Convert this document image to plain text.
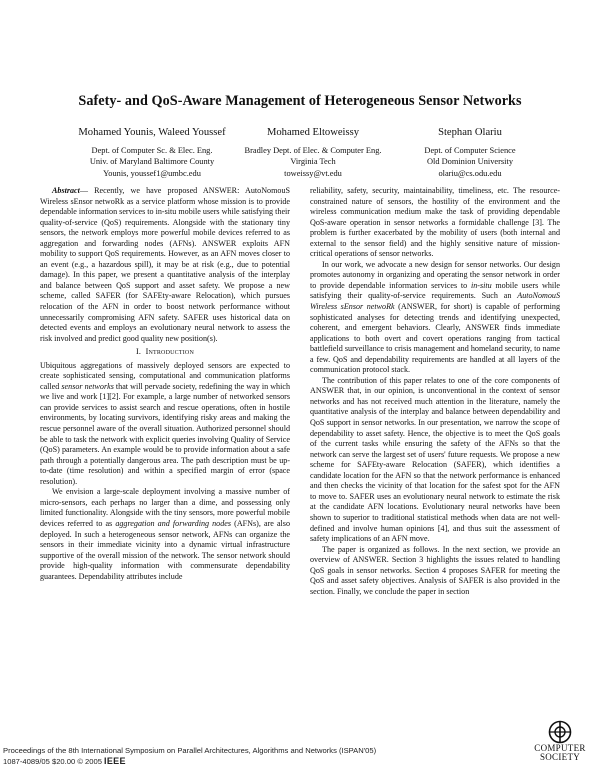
Safety- and QoS-Aware Management of Heterogeneous Sensor Networks
Mohamed Younis, Waleed Youssef
Dept. of Computer Sc. & Elec. Eng.
Univ. of Maryland Baltimore County
Younis, youssef1@umbc.edu
Mohamed Eltoweissy
Bradley Dept. of Elec. & Computer Eng.
Virginia Tech
toweissy@vt.edu
Stephan Olariu
Dept. of Computer Science
Old Dominion University
olariu@cs.odu.edu

Abstract— Recently, we have proposed ANSWER: AutoNomouS Wireless sEnsor netwoRk as a service platform whose mission is to provide dependable information services to in-situ mobile users while satisfying their quality-of-service (QoS) requirements. Alongside with the stationary tiny sensors, the network employs more powerful mobile devices referred to as aggregation and forwarding nodes (AFNs). ANSWER exploits AFN mobility to support QoS requirements. However, as an AFN moves closer to an event (e.g., a hazardous spill), it may be at risk (e.g., due to potential damage). In this paper, we present a quantitative analysis of the interplay and balance between QoS support and asset safety. We propose a new scheme, called SAFER (for SAFEty-aware Relocation), which pursues relocation of the AFN in order to boost network performance without unnecessarily compromising AFN safety. SAFER uses historical data on detected events and employs an evolutionary neural network to assess the risk involved and predict good quality new position(s).

I. Introduction

Ubiquitous aggregations of massively deployed sensors are expected to create sophisticated sensing, computational and communication platforms called sensor networks that will pervade society, redefining the way in which we live and work [1][2]. For example, a large number of networked sensors can provide services to assist search and rescue operations, often in hostile environments, by locating survivors, identifying risky areas and making the rescue personnel aware of the overall situation. Authorized personnel should be able to task the network with explicit queries involving Quality of Service (QoS) parameters. An example would be to provide information about a safe path through a potentially dangerous area. The path description must be up-to-date (time resolution) and within a specified margin of error (space resolution).

We envision a large-scale deployment involving a massive number of micro-sensors, each perhaps no larger than a dime, and possessing only limited functionality. Alongside with the tiny sensors, more powerful mobile devices referred to as aggregation and forwarding nodes (AFNs), are also deployed. In such a heterogeneous sensor network, AFNs can organize the sensors in their immediate vicinity into a dynamic virtual infrastructure supportive of the overall mission of the network. The sensor network should provide high-quality information with commensurate dependability guarantees. Dependability attributes include

reliability, safety, security, maintainability, timeliness, etc. The resource-constrained nature of sensors, the hostility of the environment and the wireless communication medium make the task of providing dependable QoS-aware operation in sensor networks a formidable challenge [3]. The problem is further exacerbated by the mobility of users (both internal and external to the sensor field) and the highly sensitive nature of mission-critical operations of sensor networks.

In our work, we advocate a new design for sensor networks. Our design promotes autonomy in organizing and operating the sensor network in order to provide dependable information services to in-situ mobile users while satisfying their quality-of-service requirements. Such an AutoNomouS Wireless sEnsor netwoRk (ANSWER, for short) is capable of performing sophisticated analyses for detecting trends and identifying unexpected, coherent, and emergent behaviors. Clearly, ANSWER finds immediate applications to both overt and covert operations ranging from tactical battlefield surveillance to crisis management and homeland security, to name a few. QoS and dependability requirements are handled at all layers of the communication protocol stack.

The contribution of this paper relates to one of the core components of ANSWER that, in our opinion, is unconventional in the context of sensor networks and has not received much attention in the literature, namely the quantitative analysis of the interplay and balance between dependability and QoS support in sensor networks. In our presentation, we narrow the scope of dependability to asset safety. Hence, the objective is to meet the QoS goals of the current tasks while ensuring the safety of the AFNs so that the network can serve the largest set of users' future requests. We propose a new scheme for SAFEty-aware Relocation (SAFER), which identifies a candidate location for the AFN so that the network performance is enhanced and then checks the vicinity of that location for the safest spot for the AFN to move to. SAFER uses an evolutionary neural network to estimate the risk at the candidate AFN locations. Evolutionary neural networks have been shown to superior to traditional statistical methods when data are not well-defined and involve human opinions [4], and thus suit the assessment of safety implications of an AFN move.

The paper is organized as follows. In the next section, we provide an overview of ANSWER. Section 3 highlights the issues related to handling QoS goals in sensor networks. Section 4 proposes SAFER for meeting the QoS and asset safety objectives. Analysis of SAFER is also provided in the section. Finally, we conclude the paper in section

Proceedings of the 8th International Symposium on Parallel Architectures, Algorithms and Networks (ISPAN'05)
1087-4089/05 $20.00 © 2005 IEEE
COMPUTER
SOCIETY
